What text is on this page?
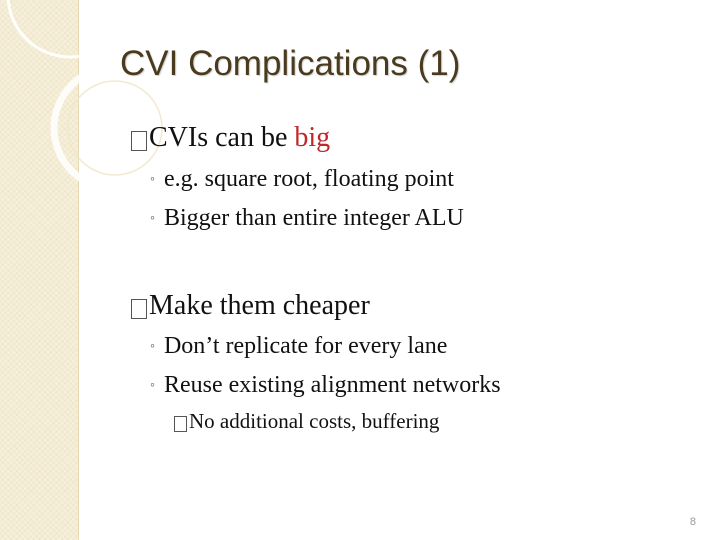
CVI Complications (1)
CVIs can be big
◦ e.g. square root, floating point
◦ Bigger than entire integer ALU
Make them cheaper
◦ Don’t replicate for every lane
◦ Reuse existing alignment networks
No additional costs, buffering
8
